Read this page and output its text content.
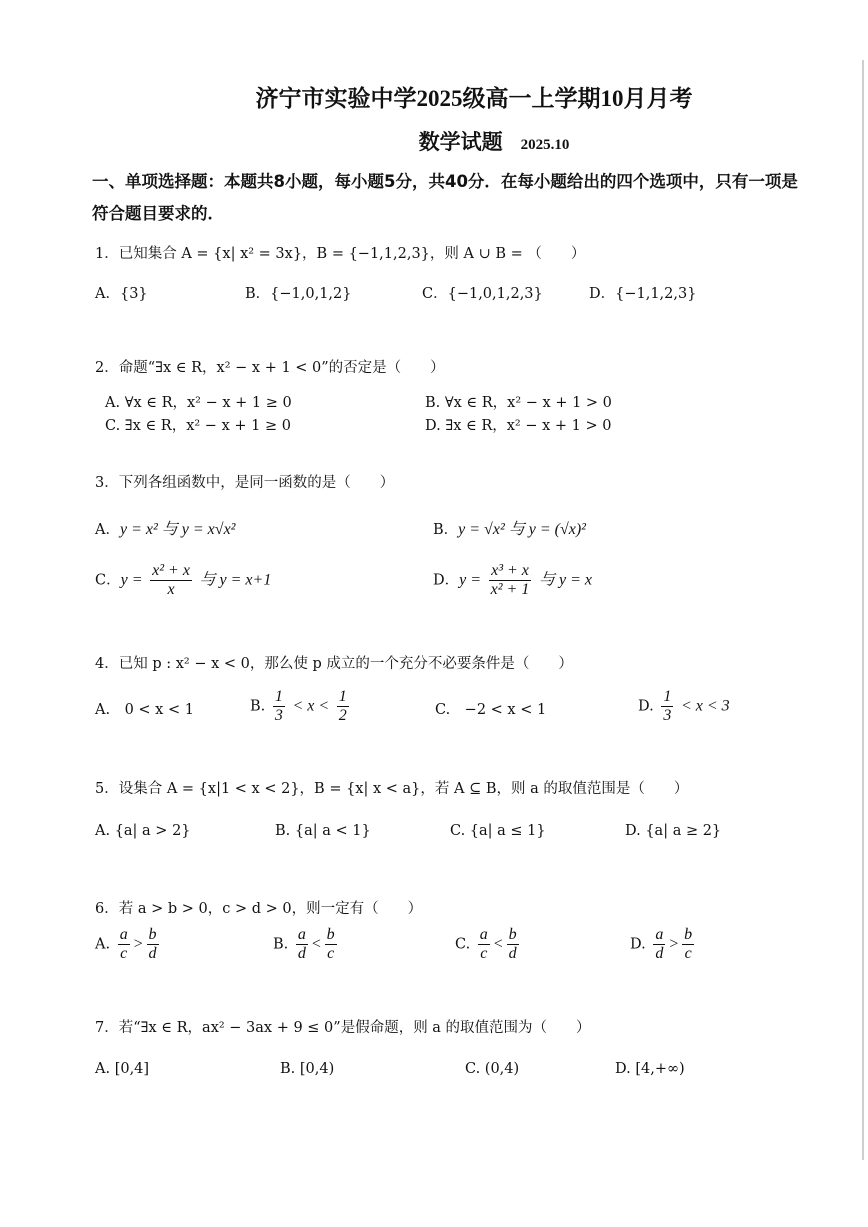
济宁市实验中学2025级高一上学期10月月考
数学试题 2025.10
一、单项选择题：本题共8小题，每小题5分，共40分．在每小题给出的四个选项中，只有一项是
符合题目要求的．
1．已知集合 A = {x| x² = 3x}，B = {−1,1,2,3}，则 A ∪ B = （　　）
A．{3}	B．{−1,0,1,2}	C．{−1,0,1,2,3}	D．{−1,1,2,3}
2．命题“∃x ∈ R，x² − x + 1 < 0”的否定是（　　）
A. ∀x ∈ R，x² − x + 1 ≥ 0	B. ∀x ∈ R，x² − x + 1 > 0
C. ∃x ∈ R，x² − x + 1 ≥ 0	D. ∃x ∈ R，x² − x + 1 > 0
3．下列各组函数中，是同一函数的是（　　）
A．y = x² 与 y = x√x²	B．y = √x² 与 y = (√x)²
C．$y = \frac{\text{x² + x}}{x}$ 与 y = x+1	D．$y = \frac{\text{x³ + x}}{\text{x² + 1}}$ 与 y = x
4．已知 p : x² − x < 0，那么使 p 成立的一个充分不必要条件是（　　）
A.　0 < x < 1	B. $\frac{1}{3} < x < \frac{1}{2}$	C.　−2 < x < 1	D. $\frac{1}{3} < x < 3$
5．设集合 A = {x|1 < x < 2}，B = {x| x < a}，若 A ⊆ B，则 a 的取值范围是（　　）
A. {a| a > 2}	B. {a| a < 1}	C. {a| a ≤ 1}	D. {a| a ≥ 2}
6．若 a > b > 0，c > d > 0，则一定有（　　）
A. $\frac{a}{c} > \frac{b}{d}$	B. $\frac{a}{d} < \frac{b}{c}$	C. $\frac{a}{c} < \frac{b}{d}$	D. $\frac{a}{d} > \frac{b}{c}$
7．若“∃x ∈ R，ax² − 3ax + 9 ≤ 0”是假命题，则 a 的取值范围为（　　）
A. [0,4]	B. [0,4)	C. (0,4)	D. [4,+∞)
